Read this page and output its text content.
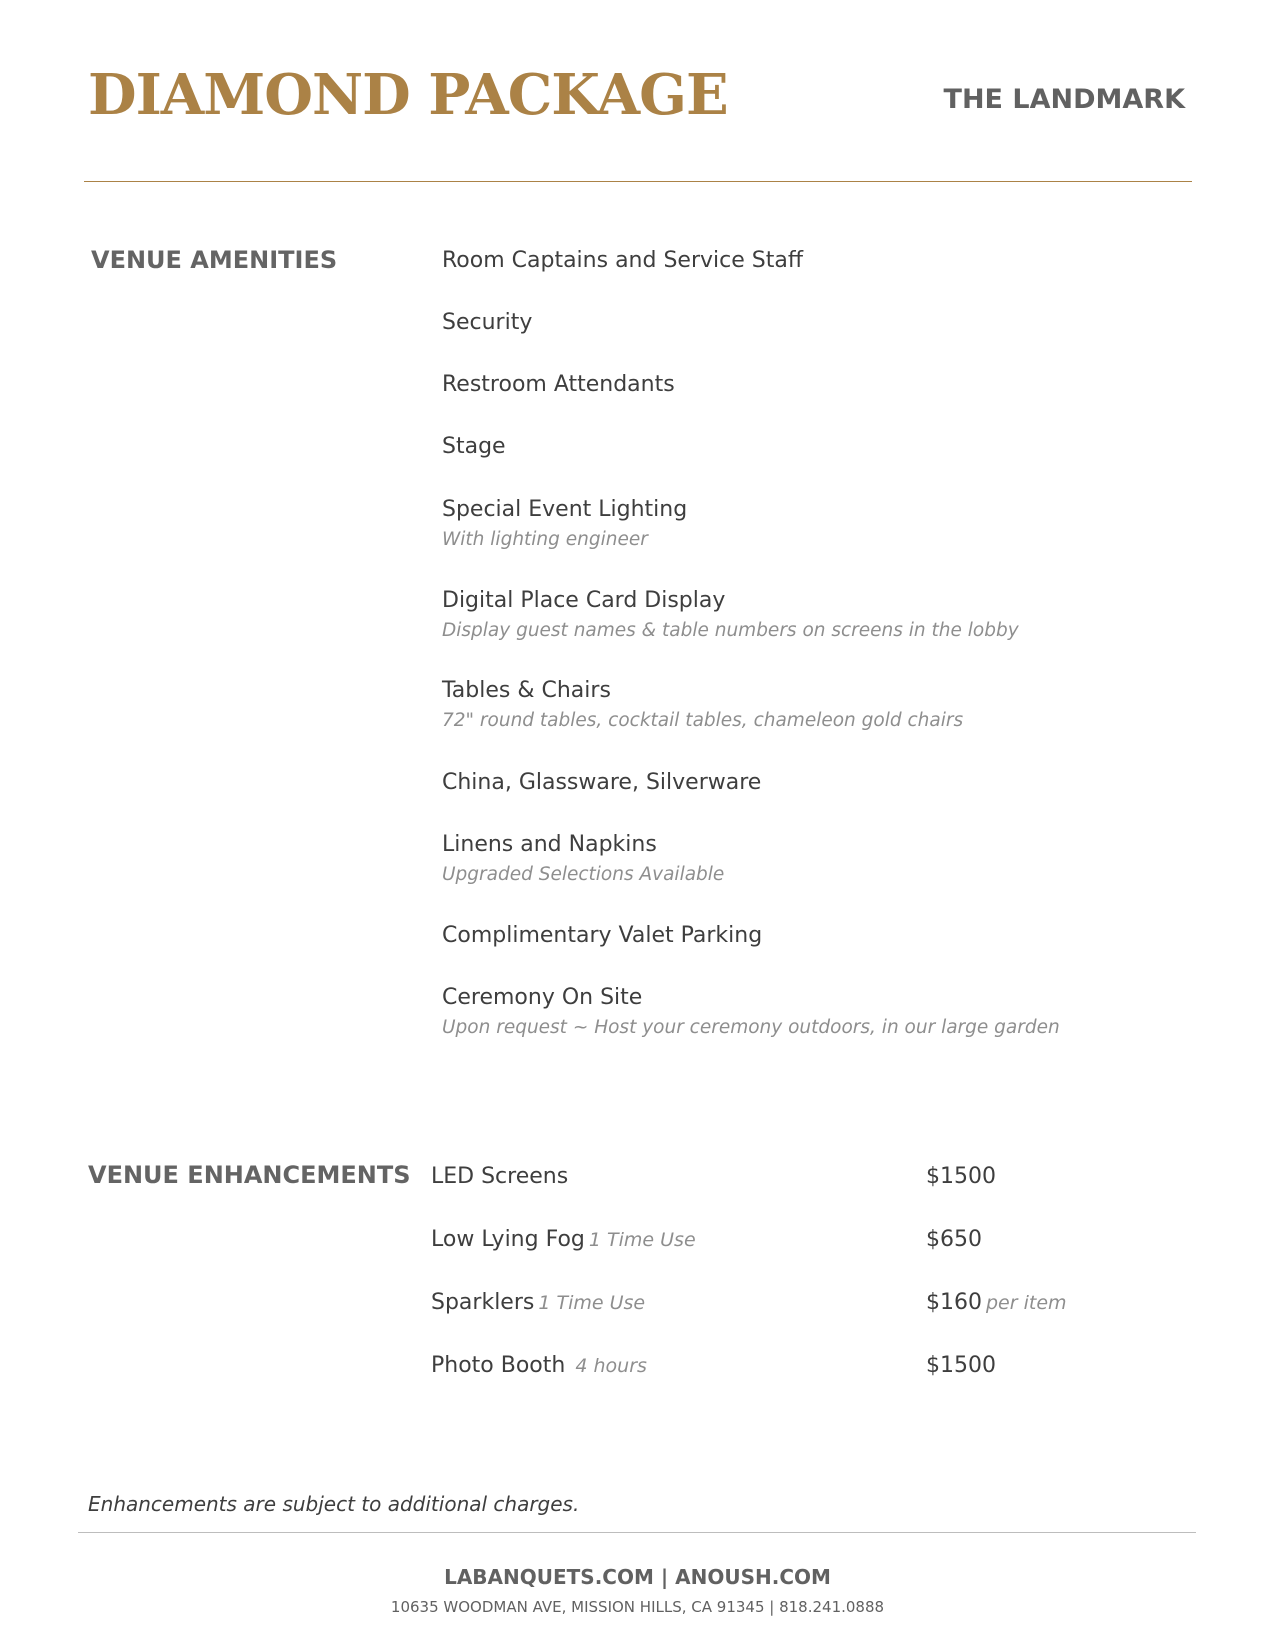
DIAMOND PACKAGE	THE LANDMARK
VENUE AMENITIES	Room Captains and Service Staff
Security
Restroom Attendants
Stage
Special Event Lighting
With lighting engineer
Digital Place Card Display
Display guest names & table numbers on screens in the lobby
Tables & Chairs
72" round tables, cocktail tables, chameleon gold chairs
China, Glassware, Silverware
Linens and Napkins
Upgraded Selections Available
Complimentary Valet Parking
Ceremony On Site
Upon request ~ Host your ceremony outdoors, in our large garden
VENUE ENHANCEMENTS LED Screens	$1500
Low Lying Fog 1 Time Use	$650
Sparklers 1 Time Use	$160 per item
Photo Booth 4 hours	$1500
Enhancements are subject to additional charges.
LABANQUETS.COM | ANOUSH.COM
10635 WOODMAN AVE, MISSION HILLS, CA 91345 | 818.241.0888
